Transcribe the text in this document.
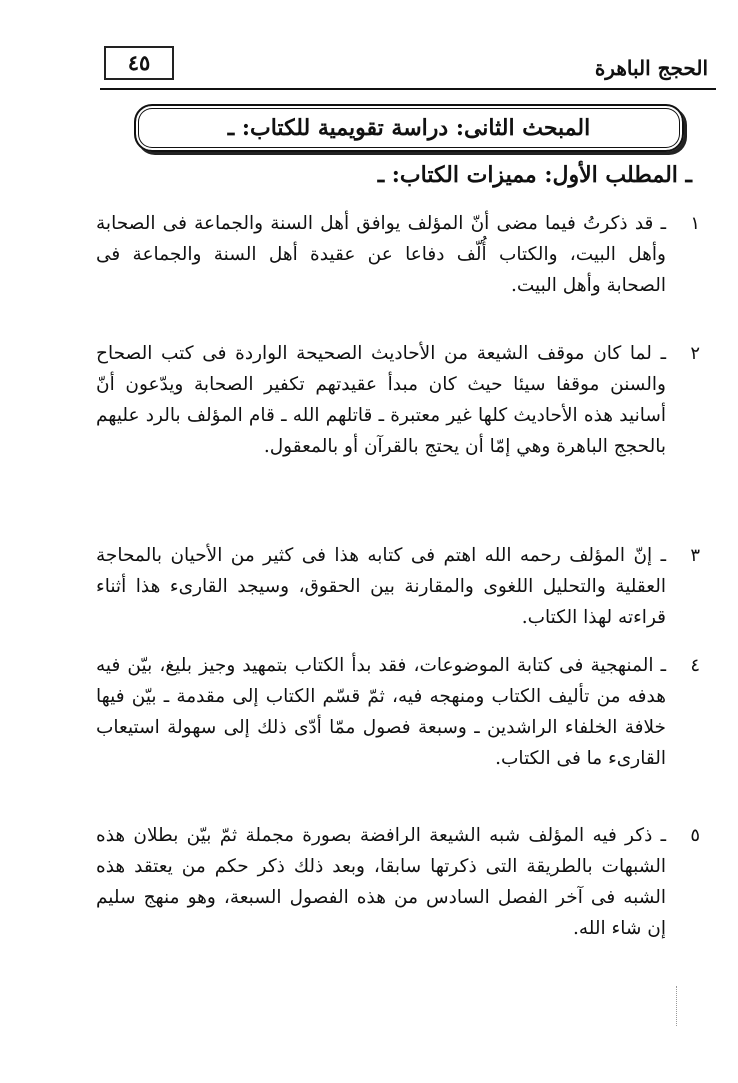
الحجج الباهرة
٤٥
المبحث الثانى: دراسة تقويمية للكتاب: ـ
ـ المطلب الأول: مميزات الكتاب: ـ
١
ـ قد ذكرتُ فيما مضى أنّ المؤلف يوافق أهل السنة والجماعة فى الصحابة وأهل البيت، والكتاب أُلّف دفاعا عن عقيدة أهل السنة والجماعة فى الصحابة وأهل البيت.
٢
ـ لما كان موقف الشيعة من الأحاديث الصحيحة الواردة فى كتب الصحاح والسنن موقفا سيئا حيث كان مبدأ عقيدتهم تكفير الصحابة ويدّعون أنّ أسانيد هذه الأحاديث كلها غير معتبرة ـ قاتلهم الله ـ قام المؤلف بالرد عليهم بالحجج الباهرة وهي إمّا أن يحتج بالقرآن أو بالمعقول.
٣
ـ إنّ المؤلف رحمه الله اهتم فى كتابه هذا فى كثير من الأحيان بالمحاجة العقلية والتحليل اللغوى والمقارنة بين الحقوق، وسيجد القارىء هذا أثناء قراءته لهذا الكتاب.
٤
ـ المنهجية فى كتابة الموضوعات، فقد بدأ الكتاب بتمهيد وجيز بليغ، بيّن فيه هدفه من تأليف الكتاب ومنهجه فيه، ثمّ قسّم الكتاب إلى مقدمة ـ بيّن فيها خلافة الخلفاء الراشدين ـ وسبعة فصول ممّا أدّى ذلك إلى سهولة استيعاب القارىء ما فى الكتاب.
٥
ـ ذكر فيه المؤلف شبه الشيعة الرافضة بصورة مجملة ثمّ بيّن بطلان هذه الشبهات بالطريقة التى ذكرتها سابقا، وبعد ذلك ذكر حكم من يعتقد هذه الشبه فى آخر الفصل السادس من هذه الفصول السبعة، وهو منهج سليم إن شاء الله.
